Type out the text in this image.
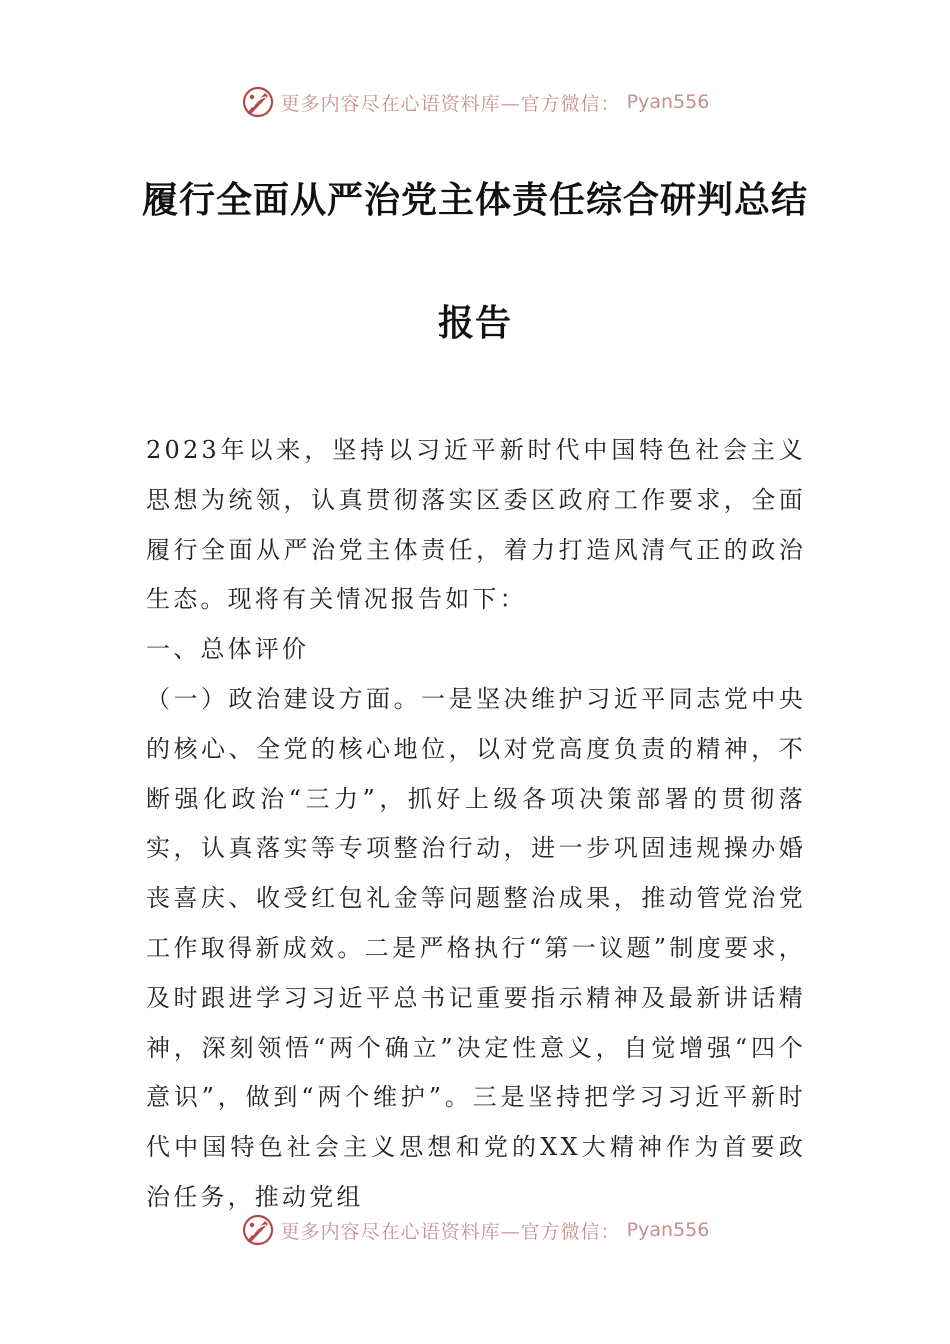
更多内容尽在心语资料库—官方微信： Pyan556
履行全面从严治党主体责任综合研判总结
报告

2023年以来，坚持以习近平新时代中国特色社会主义思想为统领，认真贯彻落实区委区政府工作要求，全面履行全面从严治党主体责任，着力打造风清气正的政治生态。现将有关情况报告如下：

一、总体评价

（一）政治建设方面。一是坚决维护习近平同志党中央的核心、全党的核心地位，以对党高度负责的精神，不断强化政治“三力”，抓好上级各项决策部署的贯彻落实，认真落实等专项整治行动，进一步巩固违规操办婚丧喜庆、收受红包礼金等问题整治成果，推动管党治党工作取得新成效。二是严格执行“第一议题”制度要求，及时跟进学习习近平总书记重要指示精神及最新讲话精神，深刻领悟“两个确立”决定性意义，自觉增强“四个意识”，做到“两个维护”。三是坚持把学习习近平新时代中国特色社会主义思想和党的XX大精神作为首要政治任务，推动党组

更多内容尽在心语资料库—官方微信： Pyan556
